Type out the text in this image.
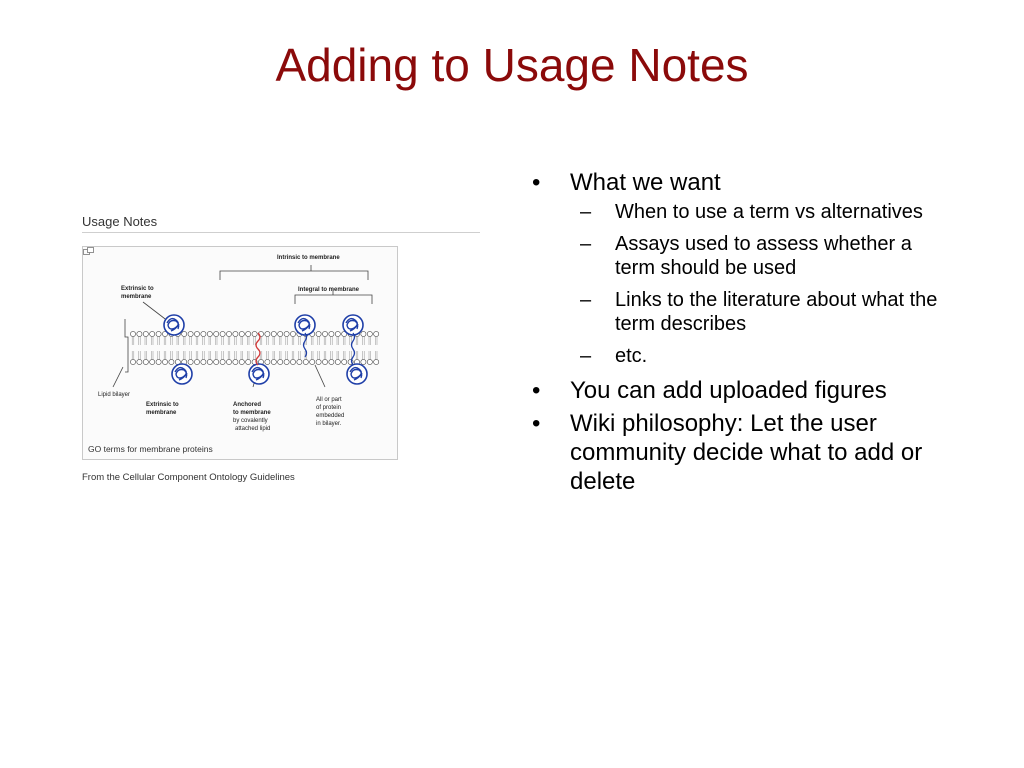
Adding to Usage Notes
Usage Notes
Intrinsic to membrane
Integral to membrane
Extrinsic to
membrane
Lipid bilayer
Extrinsic to
membrane
Anchored
to membrane
by covalently
attached lipid
All or part
of protein
embedded
in bilayer.
GO terms for membrane proteins
From the Cellular Component Ontology Guidelines
• What we want
– When to use a term vs alternatives
– Assays used to assess whether a term should be used
– Links to the literature about what the term describes
– etc.
• You can add uploaded figures
• Wiki philosophy: Let the user community decide what to add or delete
